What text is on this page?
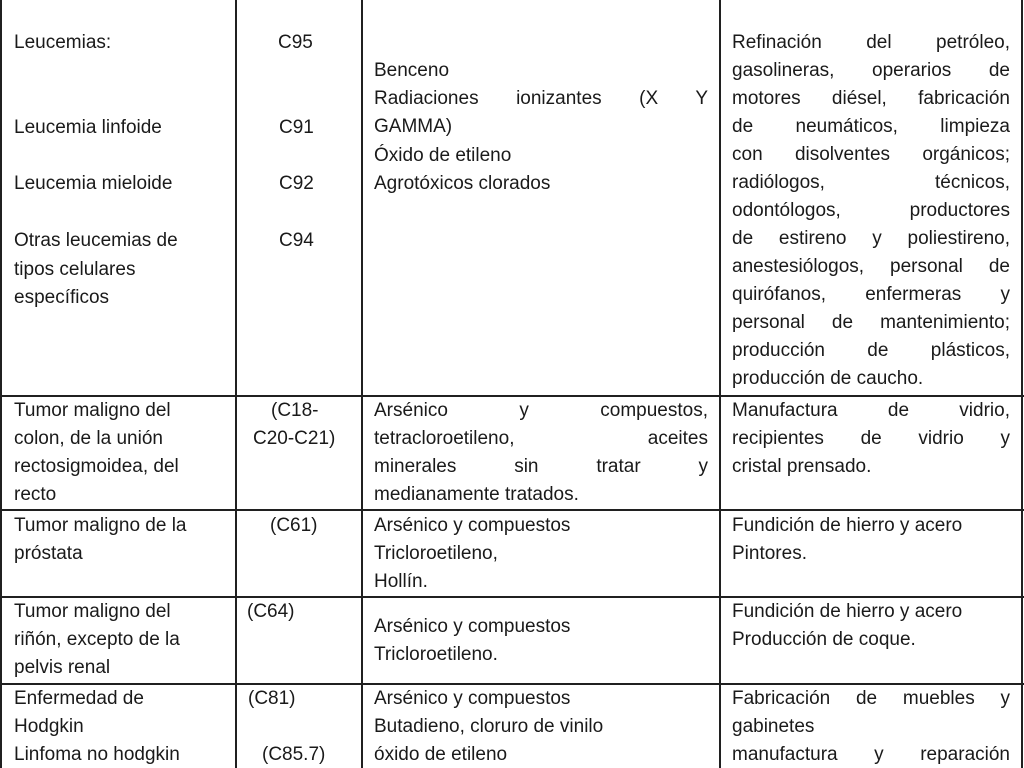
Leucemias:
Leucemia linfoide
Leucemia mieloide
Otras leucemias de
tipos celulares
específicos
C95
C91
C92
C94
Benceno
Radiaciones ionizantes (X Y
GAMMA)
Óxido de etileno
Agrotóxicos clorados
Refinación del petróleo,
gasolineras, operarios de
motores diésel, fabricación
de neumáticos, limpieza
con disolventes orgánicos;
radiólogos, técnicos,
odontólogos, productores
de estireno y poliestireno,
anestesiólogos, personal de
quirófanos, enfermeras y
personal de mantenimiento;
producción de plásticos,
producción de caucho.
Tumor maligno del
colon, de la unión
rectosigmoidea, del
recto
(C18-
C20-C21)
Arsénico y compuestos,
tetracloroetileno, aceites
minerales sin tratar y
medianamente tratados.
Manufactura de vidrio,
recipientes de vidrio y
cristal prensado.
Tumor maligno de la
próstata
(C61)	Arsénico y compuestos
Tricloroetileno,
Hollín.
Fundición de hierro y acero
Pintores.
Tumor maligno del
riñón, excepto de la
pelvis renal
(C64)
Arsénico y compuestos
Tricloroetileno.
Fundición de hierro y acero
Producción de coque.
Enfermedad de
Hodgkin
Linfoma no hodgkin
(C81)
(C85.7)
Arsénico y compuestos
Butadieno, cloruro de vinilo
óxido de etileno
Fabricación de muebles y
gabinetes
manufactura y reparación
